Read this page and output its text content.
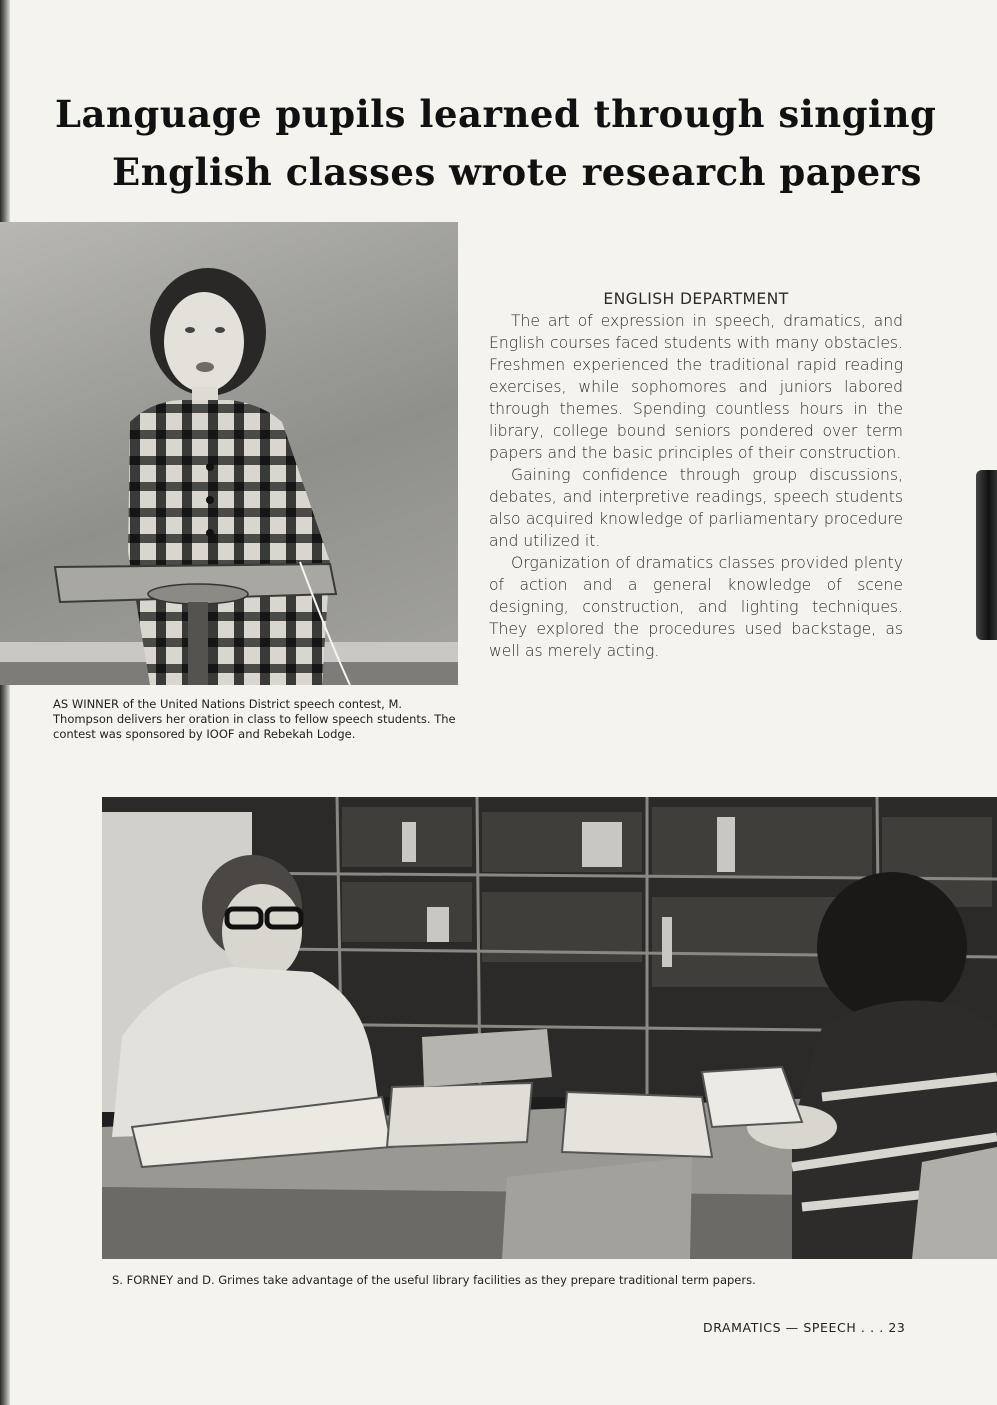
Language pupils learned through singing
English classes wrote research papers

AS WINNER of the United Nations District speech contest, M. Thompson delivers her oration in class to fellow speech students. The contest was sponsored by IOOF and Rebekah Lodge.

ENGLISH DEPARTMENT

The art of expression in speech, dramatics, and English courses faced students with many obstacles. Freshmen experienced the traditional rapid reading exercises, while sophomores and juniors labored through themes. Spending countless hours in the library, college bound seniors pondered over term papers and the basic principles of their construction.

Gaining confidence through group discussions, debates, and interpretive readings, speech students also acquired knowledge of parliamentary procedure and utilized it.

Organization of dramatics classes provided plenty of action and a general knowledge of scene designing, construction, and lighting techniques. They explored the procedures used backstage, as well as merely acting.

S. FORNEY and D. Grimes take advantage of the useful library facilities as they prepare traditional term papers.

DRAMATICS — SPEECH . . . 23
